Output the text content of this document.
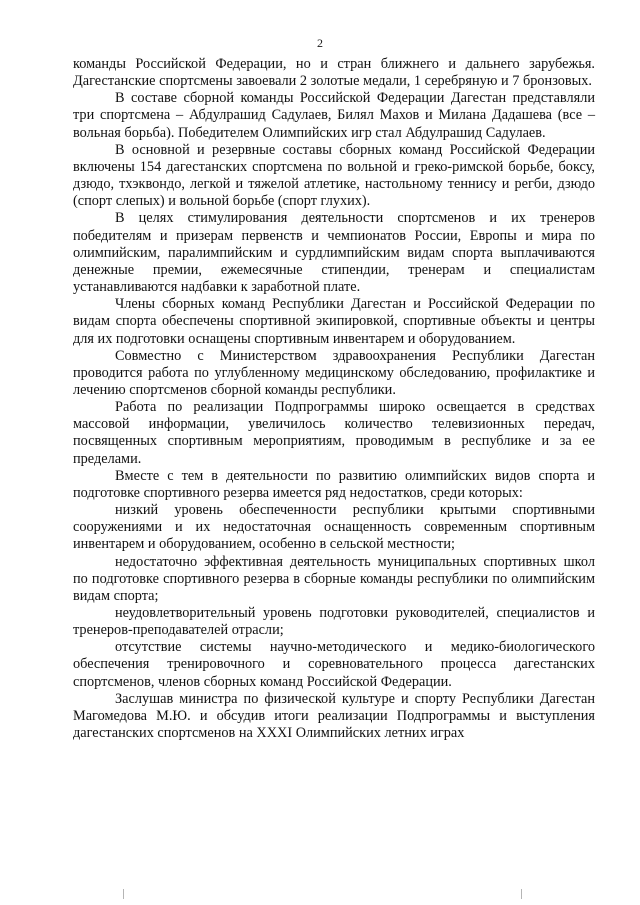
2

команды Российской Федерации, но и стран ближнего и дальнего зарубежья. Дагестанские спортсмены завоевали 2 золотые медали, 1 серебряную и 7 бронзовых.

В составе сборной команды Российской Федерации Дагестан представляли три спортсмена – Абдулрашид Садулаев, Билял Махов и Милана Дадашева (все – вольная борьба). Победителем Олимпийских игр стал Абдулрашид Садулаев.

В основной и резервные составы сборных команд Российской Федерации включены 154 дагестанских спортсмена по вольной и греко-римской борьбе, боксу, дзюдо, тхэквондо, легкой и тяжелой атлетике, настольному теннису и регби, дзюдо (спорт слепых) и вольной борьбе (спорт глухих).

В целях стимулирования деятельности спортсменов и их тренеров победителям и призерам первенств и чемпионатов России, Европы и мира по олимпийским, паралимпийским и сурдлимпийским видам спорта выплачиваются денежные премии, ежемесячные стипендии, тренерам и специалистам устанавливаются надбавки к заработной плате.

Члены сборных команд Республики Дагестан и Российской Федерации по видам спорта обеспечены спортивной экипировкой, спортивные объекты и центры для их подготовки оснащены спортивным инвентарем и оборудованием.

Совместно с Министерством здравоохранения Республики Дагестан проводится работа по углубленному медицинскому обследованию, профилактике и лечению спортсменов сборной команды республики.

Работа по реализации Подпрограммы широко освещается в средствах массовой информации, увеличилось количество телевизионных передач, посвященных спортивным мероприятиям, проводимым в республике и за ее пределами.

Вместе с тем в деятельности по развитию олимпийских видов спорта и подготовке спортивного резерва имеется ряд недостатков, среди которых:

низкий уровень обеспеченности республики крытыми спортивными сооружениями и их недостаточная оснащенность современным спортивным инвентарем и оборудованием, особенно в сельской местности;

недостаточно эффективная деятельность муниципальных спортивных школ по подготовке спортивного резерва в сборные команды республики по олимпийским видам спорта;

неудовлетворительный уровень подготовки руководителей, специалистов и тренеров-преподавателей отрасли;

отсутствие системы научно-методического и медико-биологического обеспечения тренировочного и соревновательного процесса дагестанских спортсменов, членов сборных команд Российской Федерации.

Заслушав министра по физической культуре и спорту Республики Дагестан Магомедова М.Ю. и обсудив итоги реализации Подпрограммы и выступления дагестанских спортсменов на XXXI Олимпийских летних играх
